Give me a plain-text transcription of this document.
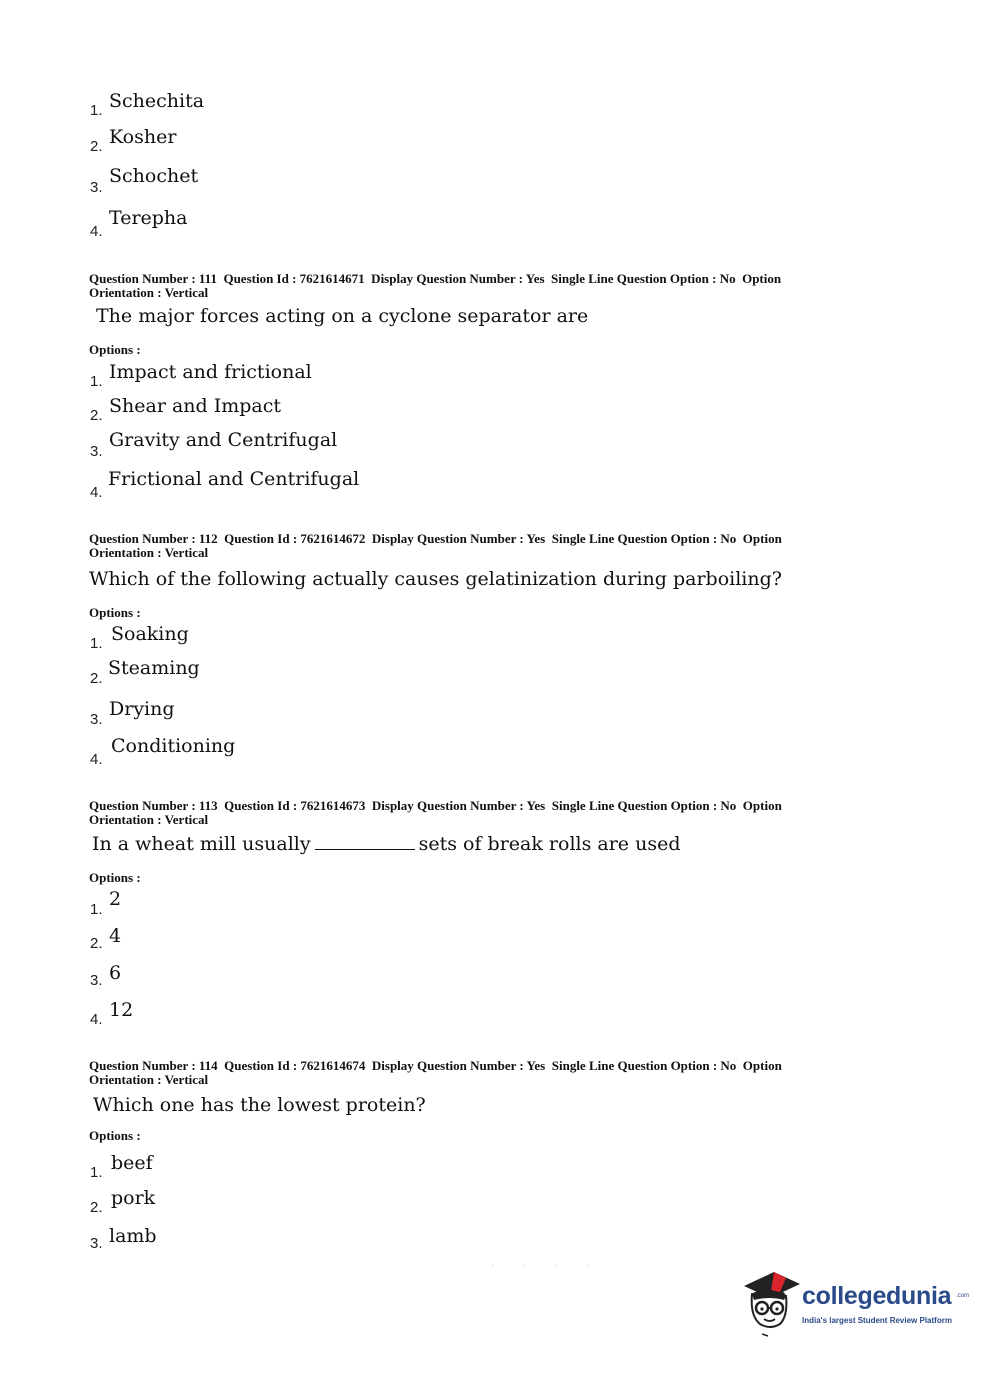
1. Schechita
2. Kosher
3.
Schochet
4.
Terepha
Question Number : 111  Question Id : 7621614671  Display Question Number : Yes  Single Line Question Option : No  Option
Orientation : Vertical
The major forces acting on a cyclone separator are
Options :
1. Impact and frictional
2. Shear and Impact
3.
Gravity and Centrifugal
4.
Frictional and Centrifugal
Question Number : 112  Question Id : 7621614672  Display Question Number : Yes  Single Line Question Option : No  Option
Orientation : Vertical
Which of the following actually causes gelatinization during parboiling?
Options :
1. Soaking
2. Steaming
3. Drying
4.
Conditioning
Question Number : 113  Question Id : 7621614673  Display Question Number : Yes  Single Line Question Option : No  Option
Orientation : Vertical
In a wheat mill usually	sets of break rolls are used
Options :
1. 2
2. 4
3. 6
4. 12
Question Number : 114  Question Id : 7621614674  Display Question Number : Yes  Single Line Question Option : No  Option
Orientation : Vertical
Which one has the lowest protein?
Options :
1. beef
2. pork
3. lamb
· · · ·
collegedunia .com
India's largest Student Review Platform
